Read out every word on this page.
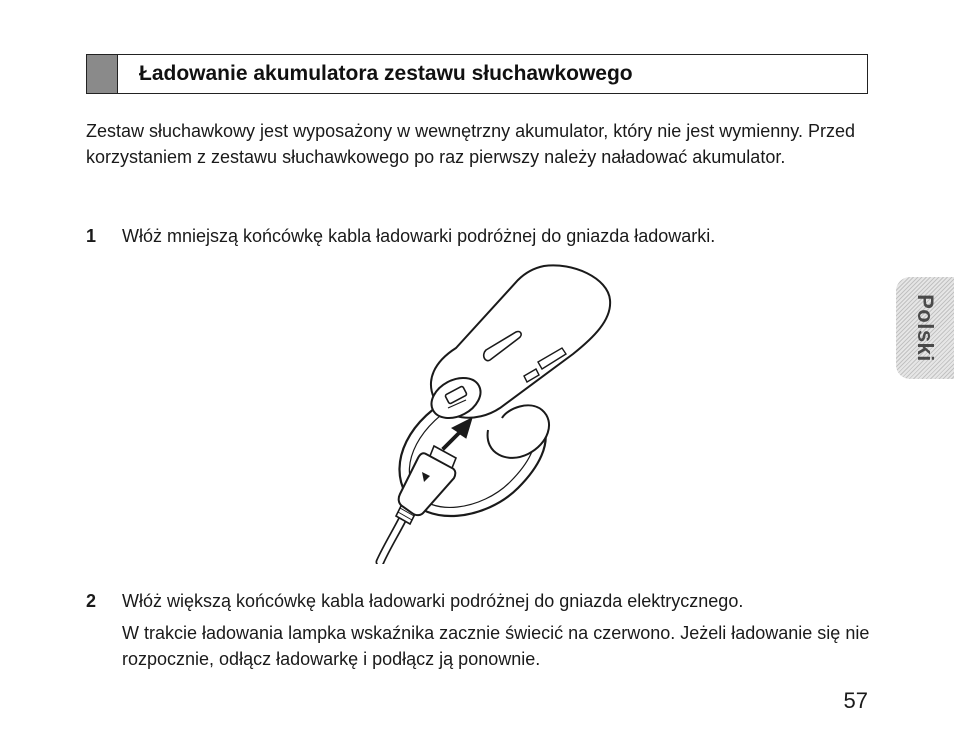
Ładowanie akumulatora zestawu słuchawkowego
Zestaw słuchawkowy jest wyposażony w wewnętrzny akumulator, który nie jest wymienny. Przed korzystaniem z zestawu słuchawkowego po raz pierwszy należy naładować akumulator.
1 Włóż mniejszą końcówkę kabla ładowarki podróżnej do gniazda ładowarki.
2 Włóż większą końcówkę kabla ładowarki podróżnej do gniazda elektrycznego.
W trakcie ładowania lampka wskaźnika zacznie świecić na czerwono. Jeżeli ładowanie się nie rozpocznie, odłącz ładowarkę i podłącz ją ponownie.
Polski
57
